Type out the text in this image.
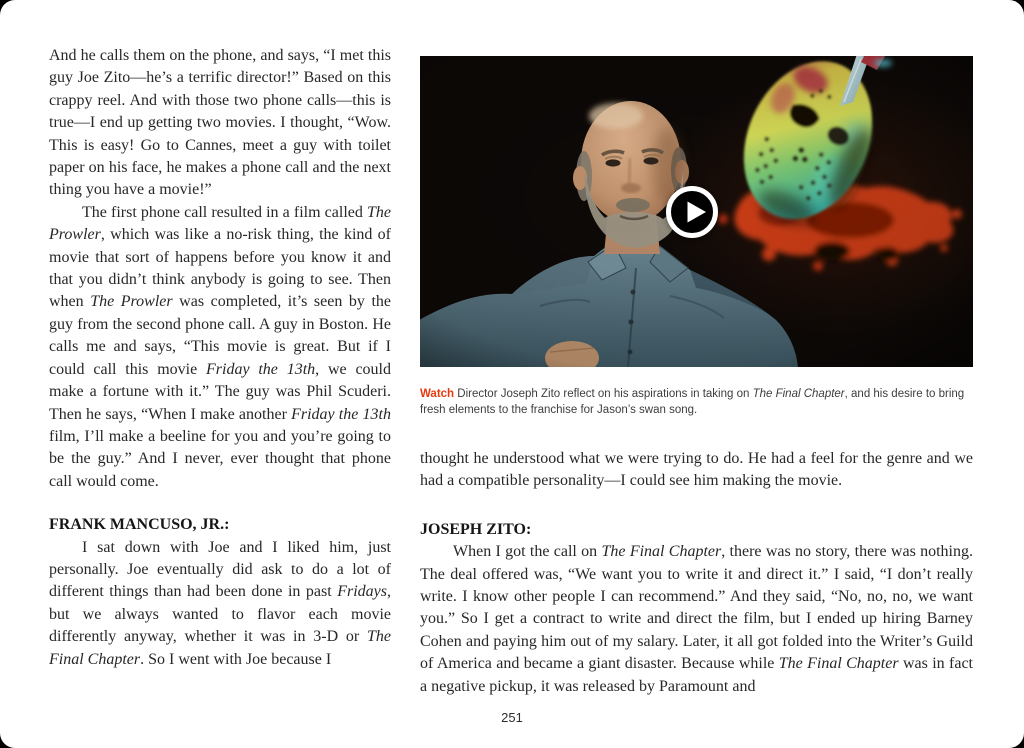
And he calls them on the phone, and says, “I met this guy Joe Zito—he’s a terrific director!” Based on this crappy reel. And with those two phone calls—this is true—I end up getting two movies. I thought, “Wow. This is easy! Go to Cannes, meet a guy with toilet paper on his face, he makes a phone call and the next thing you have a movie!”

The first phone call resulted in a film called The Prowler, which was like a no-risk thing, the kind of movie that sort of happens before you know it and that you didn’t think anybody is going to see. Then when The Prowler was completed, it’s seen by the guy from the second phone call. A guy in Boston. He calls me and says, “This movie is great. But if I could call this movie Friday the 13th, we could make a fortune with it.” The guy was Phil Scuderi. Then he says, “When I make another Friday the 13th film, I’ll make a beeline for you and you’re going to be the guy.” And I never, ever thought that phone call would come.

FRANK MANCUSO, JR.:

I sat down with Joe and I liked him, just personally. Joe eventually did ask to do a lot of different things than had been done in past Fridays, but we always wanted to flavor each movie differently anyway, whether it was in 3-D or The Final Chapter. So I went with Joe because I

Watch Director Joseph Zito reflect on his aspirations in taking on The Final Chapter, and his desire to bring fresh elements to the franchise for Jason’s swan song.

thought he understood what we were trying to do. He had a feel for the genre and we had a compatible personality—I could see him making the movie.

JOSEPH ZITO:

When I got the call on The Final Chapter, there was no story, there was nothing. The deal offered was, “We want you to write it and direct it.” I said, “I don’t really write. I know other people I can recommend.” And they said, “No, no, no, we want you.” So I get a contract to write and direct the film, but I ended up hiring Barney Cohen and paying him out of my salary. Later, it all got folded into the Writer’s Guild of America and became a giant disaster. Because while The Final Chapter was in fact a negative pickup, it was released by Paramount and

251
